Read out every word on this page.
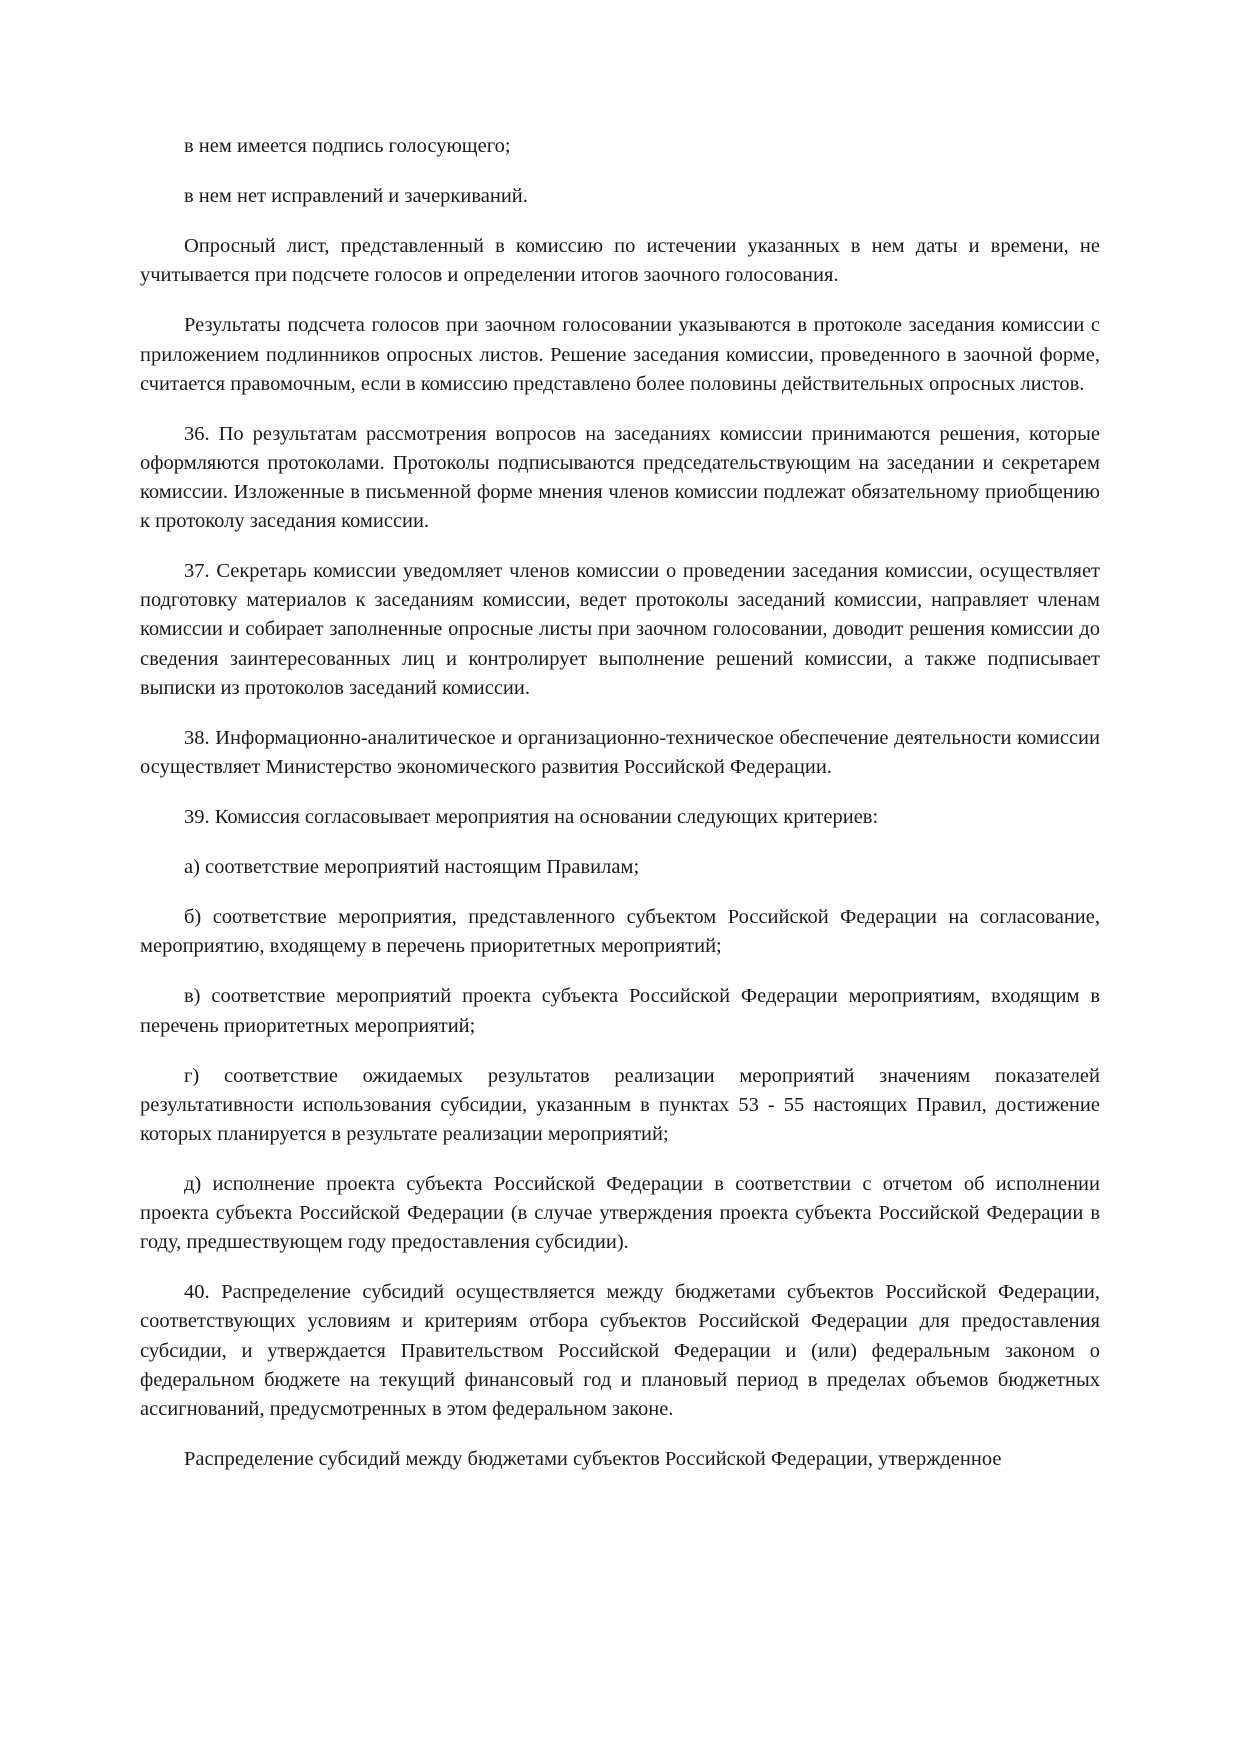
в нем имеется подпись голосующего;

в нем нет исправлений и зачеркиваний.

Опросный лист, представленный в комиссию по истечении указанных в нем даты и времени, не учитывается при подсчете голосов и определении итогов заочного голосования.

Результаты подсчета голосов при заочном голосовании указываются в протоколе заседания комиссии с приложением подлинников опросных листов. Решение заседания комиссии, проведенного в заочной форме, считается правомочным, если в комиссию представлено более половины действительных опросных листов.

36. По результатам рассмотрения вопросов на заседаниях комиссии принимаются решения, которые оформляются протоколами. Протоколы подписываются председательствующим на заседании и секретарем комиссии. Изложенные в письменной форме мнения членов комиссии подлежат обязательному приобщению к протоколу заседания комиссии.

37. Секретарь комиссии уведомляет членов комиссии о проведении заседания комиссии, осуществляет подготовку материалов к заседаниям комиссии, ведет протоколы заседаний комиссии, направляет членам комиссии и собирает заполненные опросные листы при заочном голосовании, доводит решения комиссии до сведения заинтересованных лиц и контролирует выполнение решений комиссии, а также подписывает выписки из протоколов заседаний комиссии.

38. Информационно-аналитическое и организационно-техническое обеспечение деятельности комиссии осуществляет Министерство экономического развития Российской Федерации.

39. Комиссия согласовывает мероприятия на основании следующих критериев:

а) соответствие мероприятий настоящим Правилам;

б) соответствие мероприятия, представленного субъектом Российской Федерации на согласование, мероприятию, входящему в перечень приоритетных мероприятий;

в) соответствие мероприятий проекта субъекта Российской Федерации мероприятиям, входящим в перечень приоритетных мероприятий;

г) соответствие ожидаемых результатов реализации мероприятий значениям показателей результативности использования субсидии, указанным в пунктах 53 - 55 настоящих Правил, достижение которых планируется в результате реализации мероприятий;

д) исполнение проекта субъекта Российской Федерации в соответствии с отчетом об исполнении проекта субъекта Российской Федерации (в случае утверждения проекта субъекта Российской Федерации в году, предшествующем году предоставления субсидии).

40. Распределение субсидий осуществляется между бюджетами субъектов Российской Федерации, соответствующих условиям и критериям отбора субъектов Российской Федерации для предоставления субсидии, и утверждается Правительством Российской Федерации и (или) федеральным законом о федеральном бюджете на текущий финансовый год и плановый период в пределах объемов бюджетных ассигнований, предусмотренных в этом федеральном законе.

Распределение субсидий между бюджетами субъектов Российской Федерации, утвержденное
